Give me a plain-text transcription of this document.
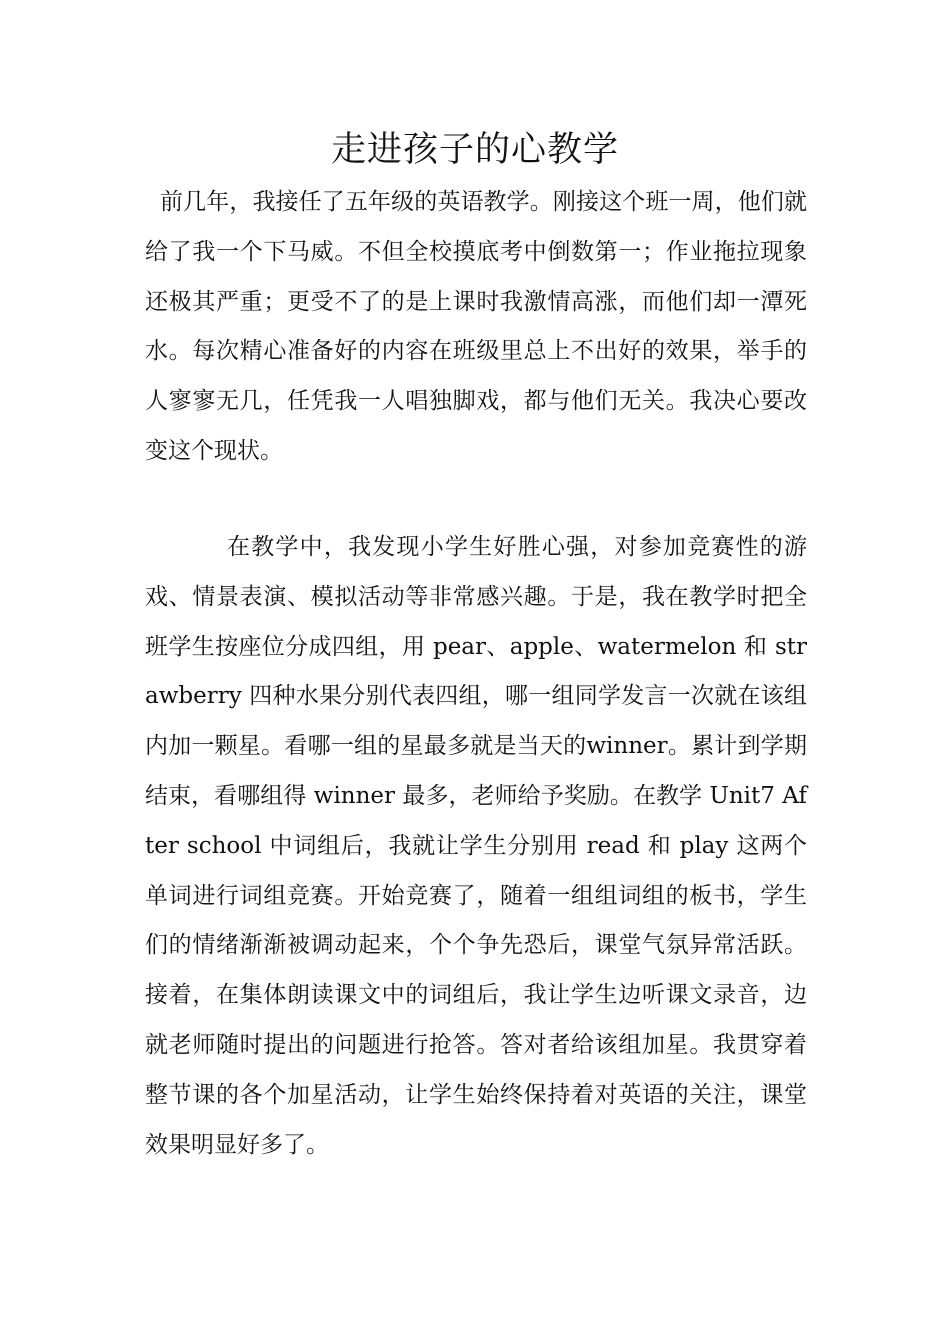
走进孩子的心教学

前几年，我接任了五年级的英语教学。刚接这个班一周，他们就给了我一个下马威。不但全校摸底考中倒数第一；作业拖拉现象还极其严重；更受不了的是上课时我激情高涨，而他们却一潭死水。每次精心准备好的内容在班级里总上不出好的效果，举手的人寥寥无几，任凭我一人唱独脚戏，都与他们无关。我决心要改变这个现状。

在教学中，我发现小学生好胜心强，对参加竞赛性的游戏、情景表演、模拟活动等非常感兴趣。于是，我在教学时把全班学生按座位分成四组，用 pear、apple、watermelon 和 strawberry 四种水果分别代表四组，哪一组同学发言一次就在该组内加一颗星。看哪一组的星最多就是当天的winner。累计到学期结束，看哪组得 winner 最多，老师给予奖励。在教学 Unit7 After school 中词组后，我就让学生分别用 read 和 play 这两个单词进行词组竞赛。开始竞赛了，随着一组组词组的板书，学生们的情绪渐渐被调动起来，个个争先恐后，课堂气氛异常活跃。接着，在集体朗读课文中的词组后，我让学生边听课文录音，边就老师随时提出的问题进行抢答。答对者给该组加星。我贯穿着整节课的各个加星活动，让学生始终保持着对英语的关注，课堂效果明显好多了。
